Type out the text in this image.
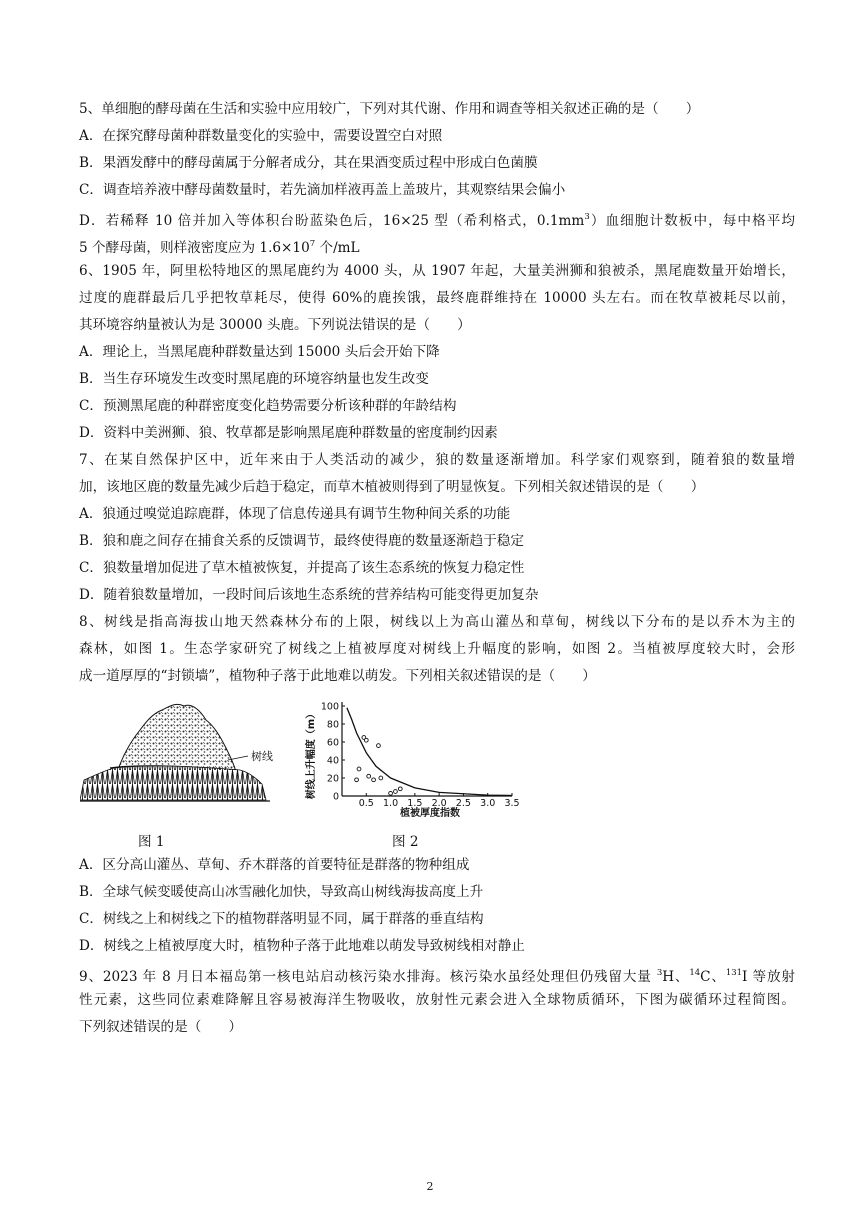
5、单细胞的酵母菌在生活和实验中应用较广，下列对其代谢、作用和调查等相关叙述正确的是（　　）
A．在探究酵母菌种群数量变化的实验中，需要设置空白对照
B．果酒发酵中的酵母菌属于分解者成分，其在果酒变质过程中形成白色菌膜
C．调查培养液中酵母菌数量时，若先滴加样液再盖上盖玻片，其观察结果会偏小
D．若稀释 10 倍并加入等体积台盼蓝染色后，16×25 型（希利格式，$0.1mm^3$）血细胞计数板中，每中格平均
5 个酵母菌，则样液密度应为 $1.6\times 10^7$ 个/mL
6、1905 年，阿里松特地区的黑尾鹿约为 4000 头，从 1907 年起，大量美洲狮和狼被杀，黑尾鹿数量开始增长，
过度的鹿群最后几乎把牧草耗尽，使得 60%的鹿挨饿，最终鹿群维持在 10000 头左右。而在牧草被耗尽以前，
其环境容纳量被认为是 30000 头鹿。下列说法错误的是（　　）
A．理论上，当黑尾鹿种群数量达到 15000 头后会开始下降
B．当生存环境发生改变时黑尾鹿的环境容纳量也发生改变
C．预测黑尾鹿的种群密度变化趋势需要分析该种群的年龄结构
D．资料中美洲狮、狼、牧草都是影响黑尾鹿种群数量的密度制约因素
7、在某自然保护区中，近年来由于人类活动的减少，狼的数量逐渐增加。科学家们观察到，随着狼的数量增
加，该地区鹿的数量先减少后趋于稳定，而草木植被则得到了明显恢复。下列相关叙述错误的是（　　）
A．狼通过嗅觉追踪鹿群，体现了信息传递具有调节生物种间关系的功能
B．狼和鹿之间存在捕食关系的反馈调节，最终使得鹿的数量逐渐趋于稳定
C．狼数量增加促进了草木植被恢复，并提高了该生态系统的恢复力稳定性
D．随着狼数量增加，一段时间后该地生态系统的营养结构可能变得更加复杂
8、树线是指高海拔山地天然森林分布的上限，树线以上为高山灌丛和草甸，树线以下分布的是以乔木为主的
森林，如图 1。生态学家研究了树线之上植被厚度对树线上升幅度的影响，如图 2。当植被厚度较大时，会形
成一道厚厚的“封锁墙”，植物种子落于此地难以萌发。下列相关叙述错误的是（　　）
树线	树线上升幅度（m）
植被厚度指数
0
20
40
60
80
100
0.5 1.0 1.5 2.0 2.5 3.0 3.5
图 1	图 2
A．区分高山灌丛、草甸、乔木群落的首要特征是群落的物种组成
B．全球气候变暖使高山冰雪融化加快，导致高山树线海拔高度上升
C．树线之上和树线之下的植物群落明显不同，属于群落的垂直结构
D．树线之上植被厚度大时，植物种子落于此地难以萌发导致树线相对静止
9、2023 年 8 月日本福岛第一核电站启动核污染水排海。核污染水虽经处理但仍残留大量 $^3$H、$^{14}$C、$^{131}$I 等放射
性元素，这些同位素难降解且容易被海洋生物吸收，放射性元素会进入全球物质循环，下图为碳循环过程简图。
下列叙述错误的是（　　）
2
